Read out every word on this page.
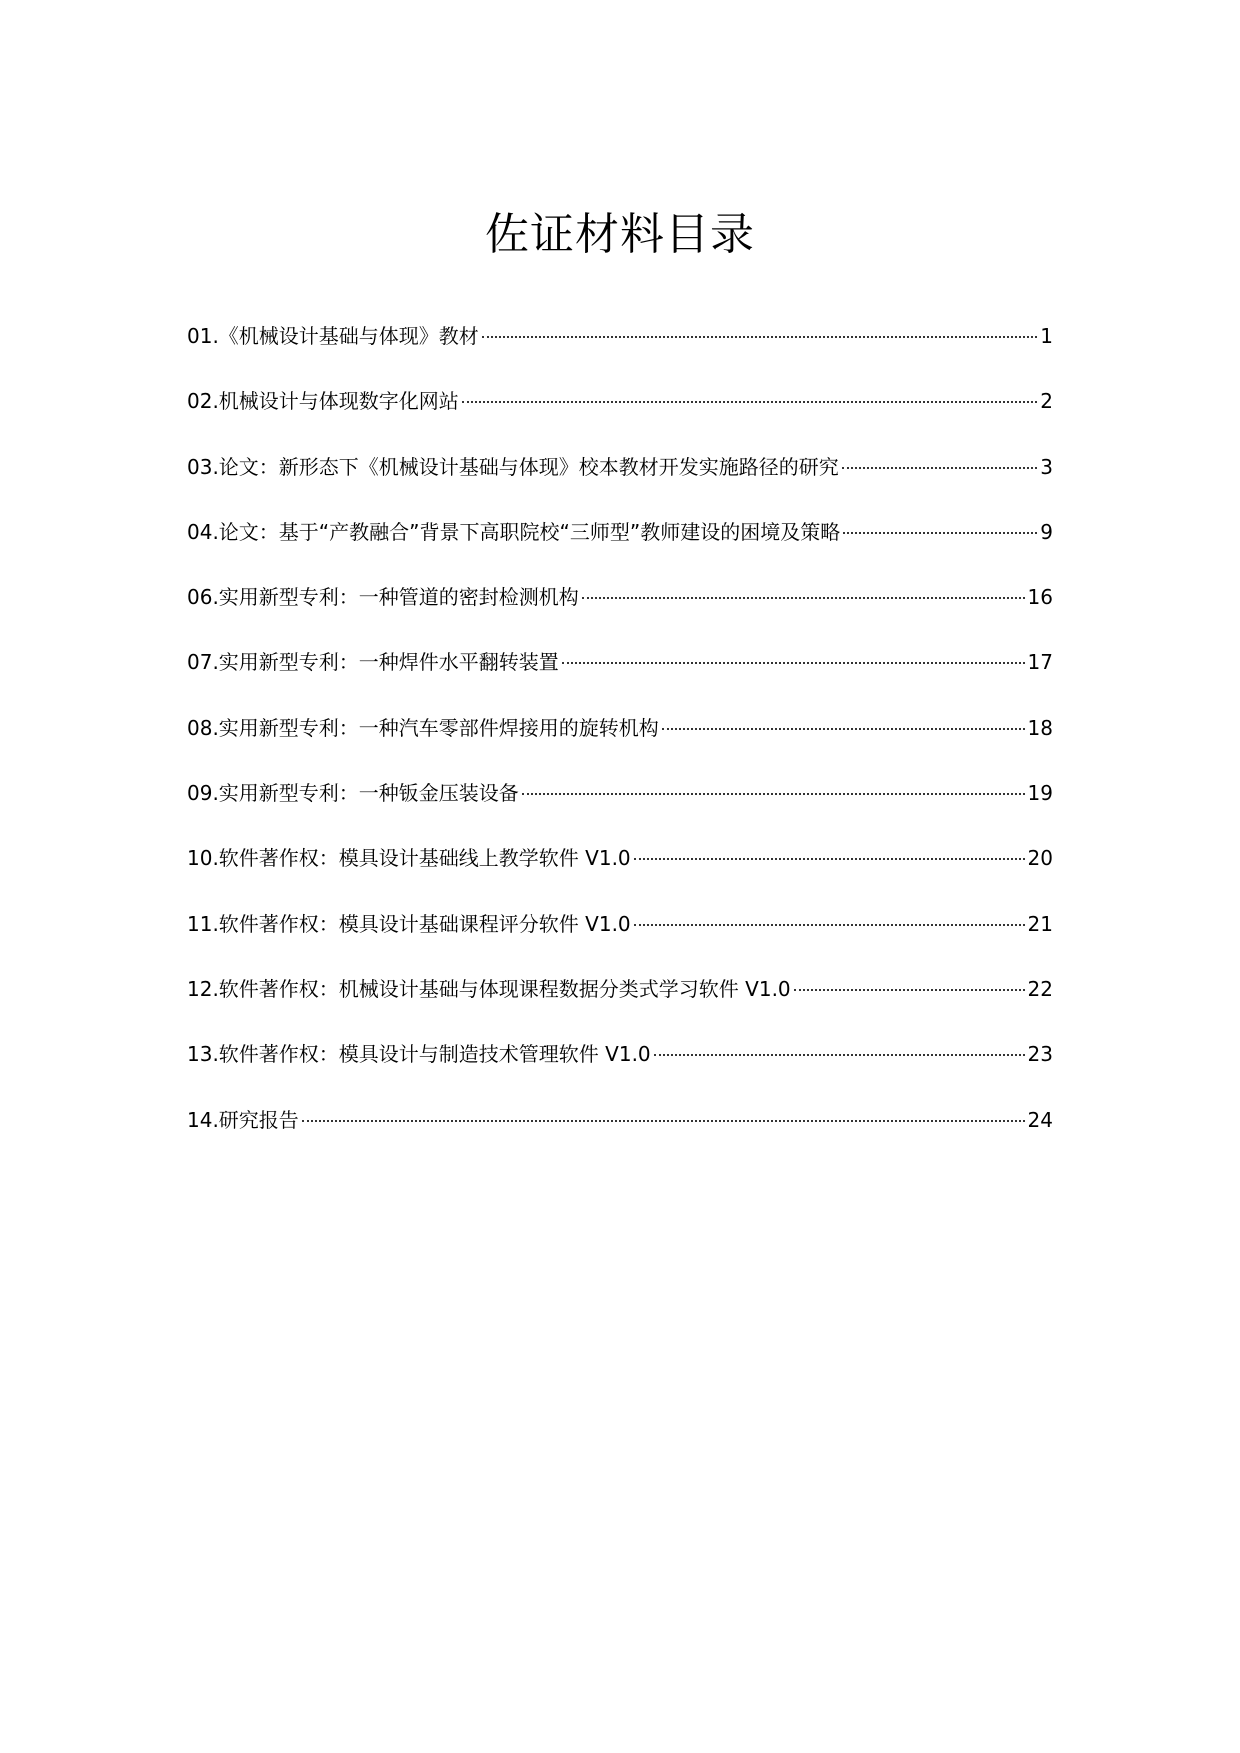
佐证材料目录
01.《机械设计基础与体现》教材	1
02.机械设计与体现数字化网站	2
03.论文：新形态下《机械设计基础与体现》校本教材开发实施路径的研究	3
04.论文：基于“产教融合”背景下高职院校“三师型”教师建设的困境及策略	9
06.实用新型专利：一种管道的密封检测机构	16
07.实用新型专利：一种焊件水平翻转装置	17
08.实用新型专利：一种汽车零部件焊接用的旋转机构	18
09.实用新型专利：一种钣金压装设备	19
10.软件著作权：模具设计基础线上教学软件 V1.0	20
11.软件著作权：模具设计基础课程评分软件 V1.0	21
12.软件著作权：机械设计基础与体现课程数据分类式学习软件 V1.0	22
13.软件著作权：模具设计与制造技术管理软件 V1.0	23
14.研究报告	24
